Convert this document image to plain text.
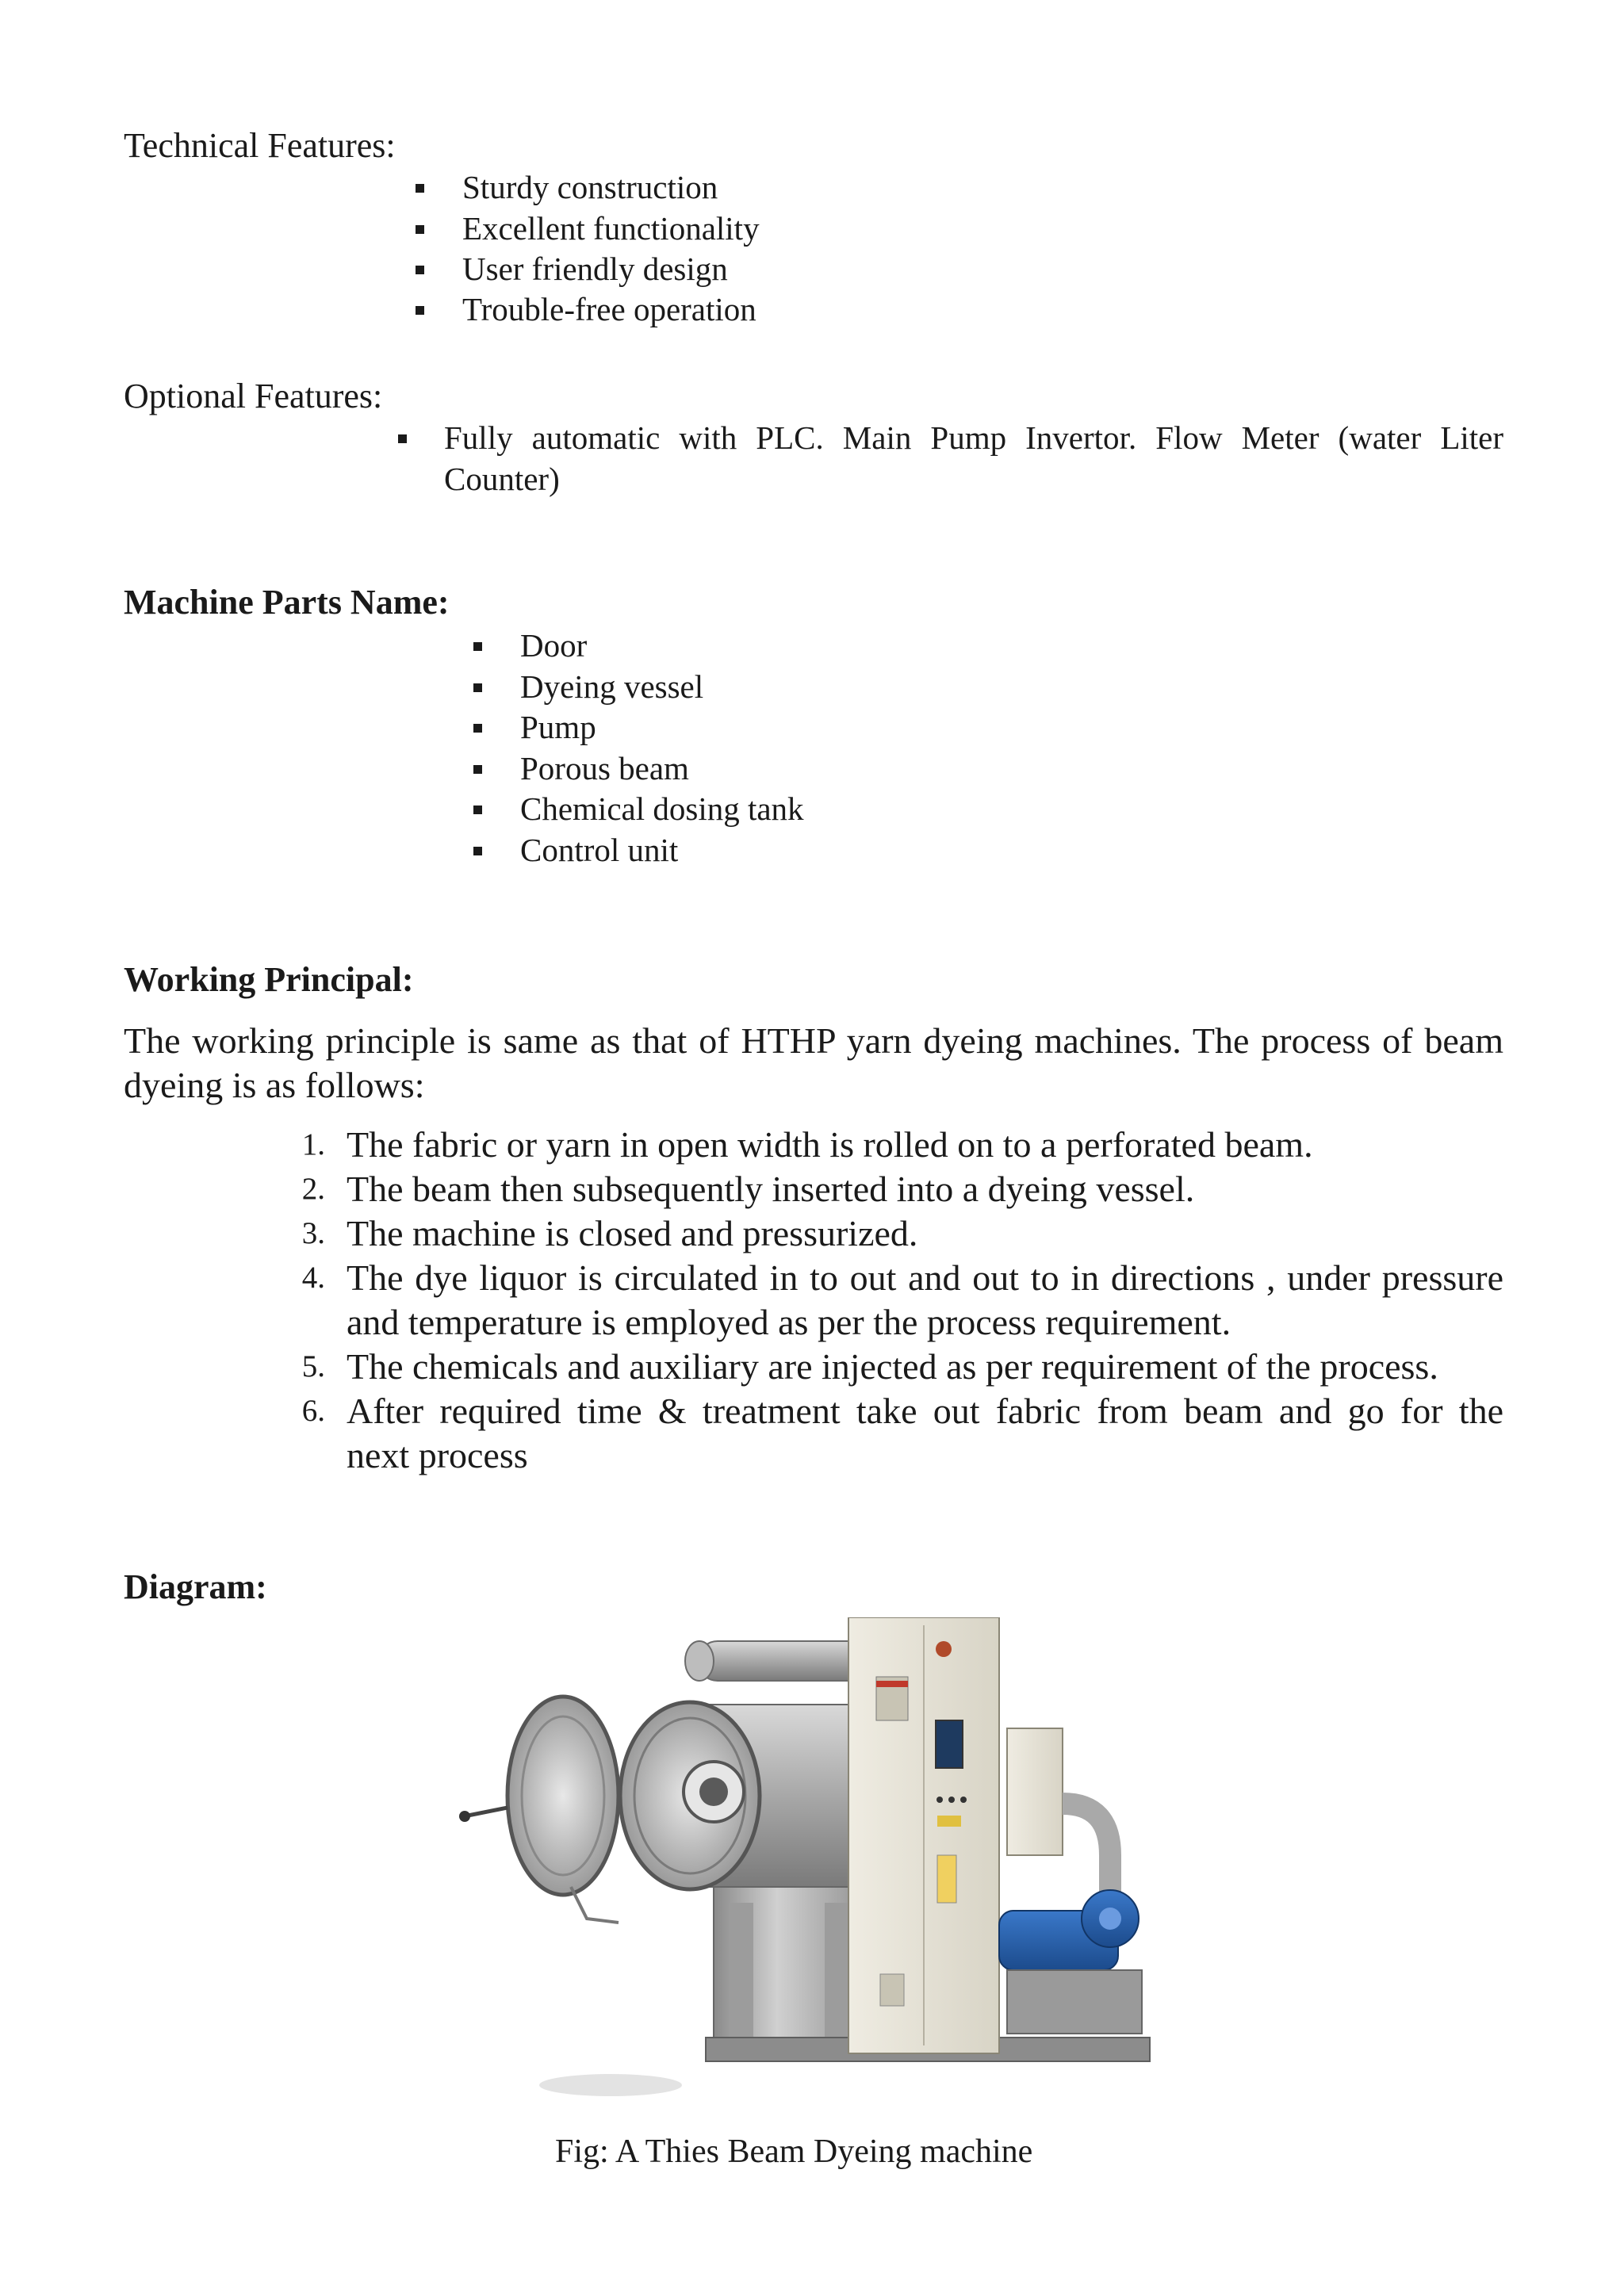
Technical Features:
Sturdy construction
Excellent functionality
User friendly design
Trouble-free operation
Optional Features:
Fully automatic with PLC. Main Pump Invertor. Flow Meter (water Liter
Counter)
Machine Parts Name:
Door
Dyeing vessel
Pump
Porous beam
Chemical dosing tank
Control unit
Working Principal:
The working principle is same as that of HTHP yarn dyeing machines. The process of beam
dyeing is as follows:
1. The fabric or yarn in open width is rolled on to a perforated beam.
2. The beam then subsequently inserted into a dyeing vessel.
3. The machine is closed and pressurized.
4. The dye liquor is circulated in to out and out to in directions , under pressure
and temperature is employed as per the process requirement.
5. The chemicals and auxiliary are injected as per requirement of the process.
6. After required time & treatment take out fabric from beam and go for the
next process
Diagram:
Fig: A Thies Beam Dyeing machine
